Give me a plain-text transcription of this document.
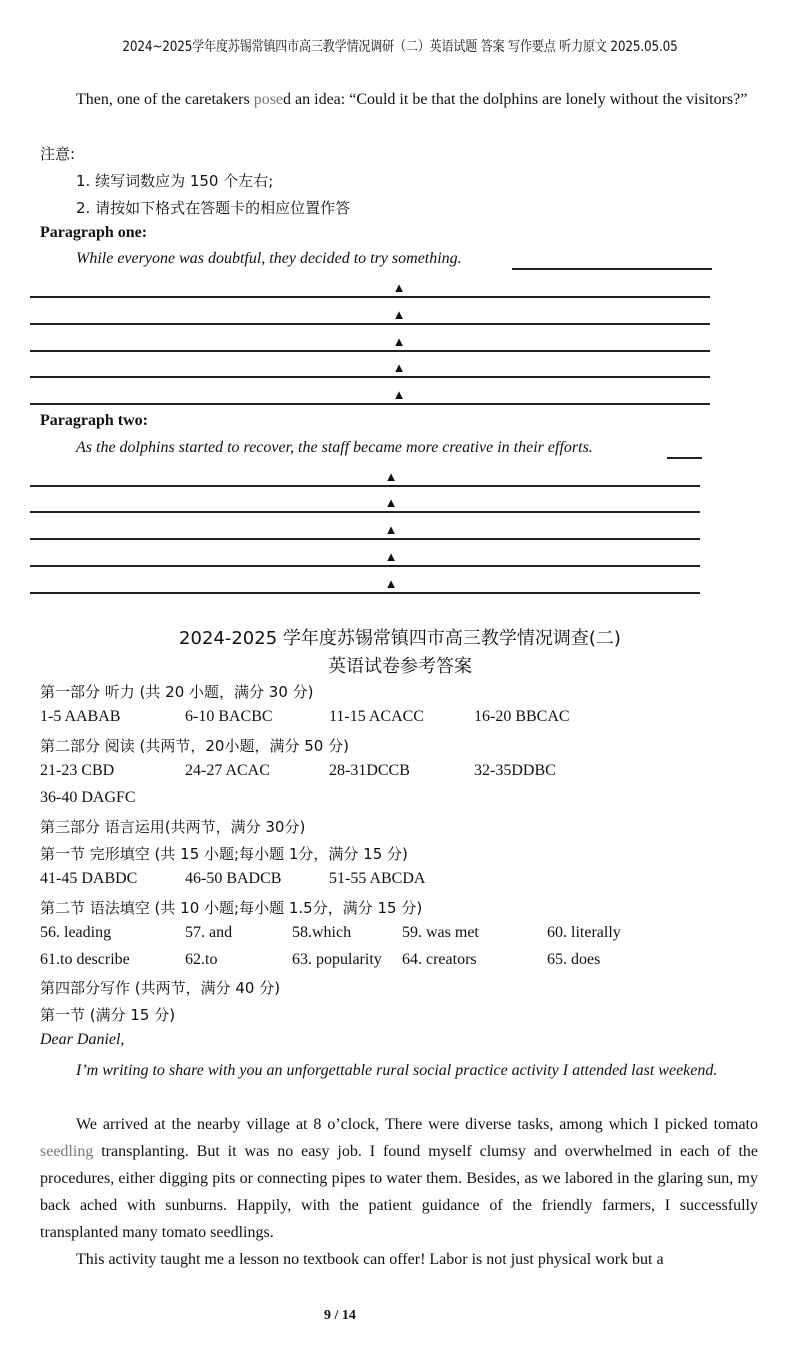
2024~2025学年度苏锡常镇四市高三教学情况调研（二）英语试题 答案 写作要点 听力原文 2025.05.05
Then, one of the caretakers posed an idea: “Could it be that the dolphins are lonely without the visitors?”
注意:
1. 续写词数应为 150 个左右;
2. 请按如下格式在答题卡的相应位置作答
Paragraph one:
While everyone was doubtful, they decided to try something.
▲
▲
▲
▲
▲
Paragraph two:
As the dolphins started to recover, the staff became more creative in their efforts.
▲
▲
▲
▲
▲
2024-2025 学年度苏锡常镇四市高三教学情况调查(二)
英语试卷参考答案
第一部分 听力 (共 20 小题，满分 30 分)
1-5 AABAB	6-10 BACBC	11-15 ACACC	16-20 BBCAC
第二部分 阅读 (共两节，20小题，满分 50 分)
21-23 CBD	24-27 ACAC	28-31DCCB	32-35DDBC
36-40 DAGFC
第三部分 语言运用(共两节，满分 30分)
第一节 完形填空 (共 15 小题;每小题 1分，满分 15 分)
41-45 DABDC	46-50 BADCB	51-55 ABCDA
第二节 语法填空 (共 10 小题;每小题 1.5分，满分 15 分)
56. leading	57. and	58.which	59. was met	60. literally
61.to describe	62.to	63. popularity 64. creators	65. does
第四部分写作 (共两节，满分 40 分)
第一节 (满分 15 分)
Dear Daniel,
I’m writing to share with you an unforgettable rural social practice activity I attended last weekend.
We arrived at the nearby village at 8 o’clock, There were diverse tasks, among which I picked tomato seedling transplanting. But it was no easy job. I found myself clumsy and overwhelmed in each of the procedures, either digging pits or connecting pipes to water them. Besides, as we labored in the glaring sun, my back ached with sunburns. Happily, with the patient guidance of the friendly farmers, I successfully transplanted many tomato seedlings.
This activity taught me a lesson no textbook can offer! Labor is not just physical work but a
9 / 14
